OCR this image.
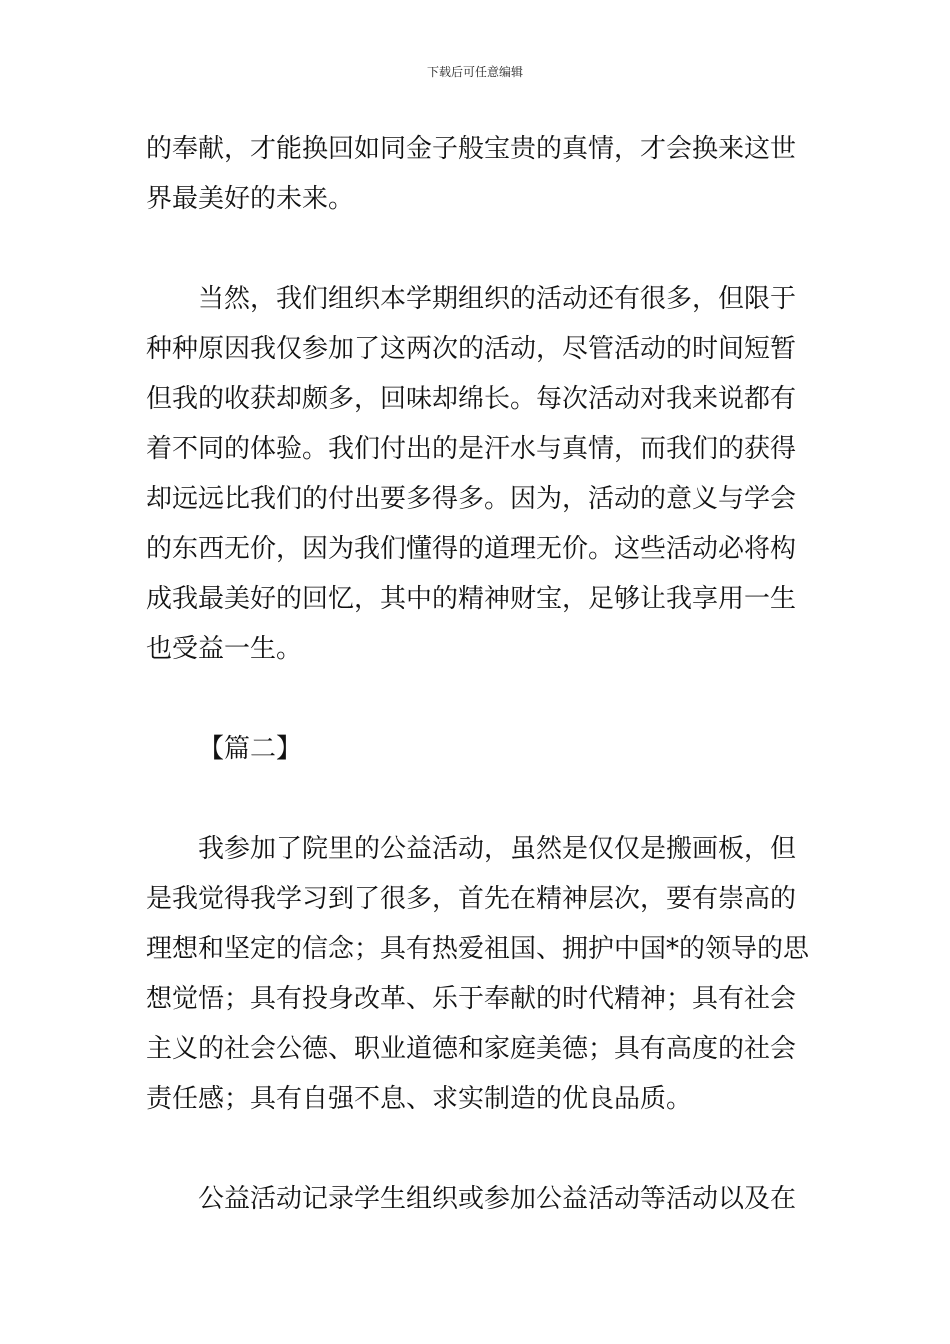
下载后可任意编辑

的奉献，才能换回如同金子般宝贵的真情，才会换来这世
界最美好的未来。

当然，我们组织本学期组织的活动还有很多，但限于
种种原因我仅参加了这两次的活动，尽管活动的时间短暂
但我的收获却颇多，回味却绵长。每次活动对我来说都有
着不同的体验。我们付出的是汗水与真情，而我们的获得
却远远比我们的付出要多得多。因为，活动的意义与学会
的东西无价，因为我们懂得的道理无价。这些活动必将构
成我最美好的回忆，其中的精神财宝，足够让我享用一生
也受益一生。

【篇二】

我参加了院里的公益活动，虽然是仅仅是搬画板，但
是我觉得我学习到了很多，首先在精神层次，要有崇高的
理想和坚定的信念；具有热爱祖国、拥护中国*的领导的思
想觉悟；具有投身改革、乐于奉献的时代精神；具有社会
主义的社会公德、职业道德和家庭美德；具有高度的社会
责任感；具有自强不息、求实制造的优良品质。

公益活动记录学生组织或参加公益活动等活动以及在
